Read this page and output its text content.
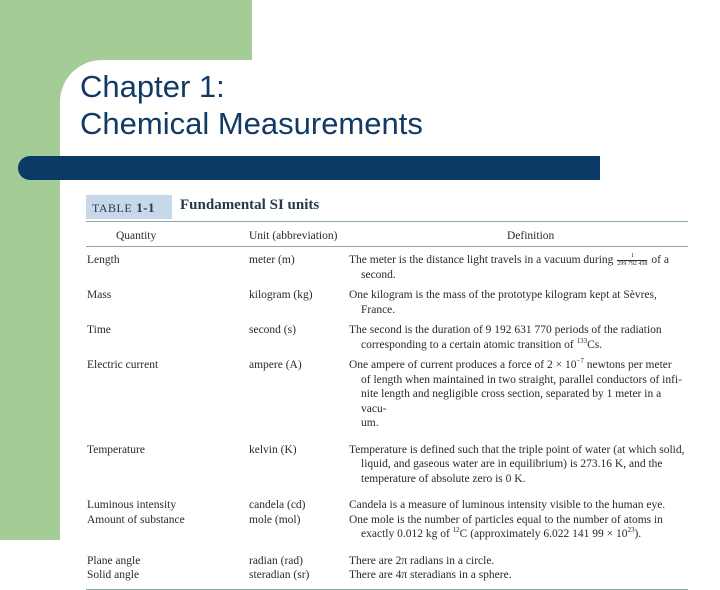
Chapter 1:
Chemical Measurements
TABLE 1-1	Fundamental SI units
Quantity	Unit (abbreviation)	Definition
Length	meter (m)	The meter is the distance light travels in a vacuum during $\frac{1}{299 792 458}$ of a
second.

Mass	kilogram (kg)	One kilogram is the mass of the prototype kilogram kept at Sèvres,
France.

Time	second (s)	The second is the duration of 9 192 631 770 periods of the radiation
corresponding to a certain atomic transition of $^{133}$Cs.

Electric current	ampere (A)	One ampere of current produces a force of $2 \times 10^{-7}$ newtons per meter
of length when maintained in two straight, parallel conductors of infi-
nite length and negligible cross section, separated by 1 meter in a vacu-
um.

Temperature	kelvin (K)	Temperature is defined such that the triple point of water (at which solid,
liquid, and gaseous water are in equilibrium) is 273.16 K, and the
temperature of absolute zero is 0 K.

Luminous intensity	candela (cd)	Candela is a measure of luminous intensity visible to the human eye.

Amount of substance	mole (mol)	One mole is the number of particles equal to the number of atoms in
exactly 0.012 kg of $^{12}$C (approximately 6.022 141 $99 \times 10^{23}$).

Plane angle	radian (rad)	There are 2π radians in a circle.

Solid angle	steradian (sr)	There are 4π steradians in a sphere.
